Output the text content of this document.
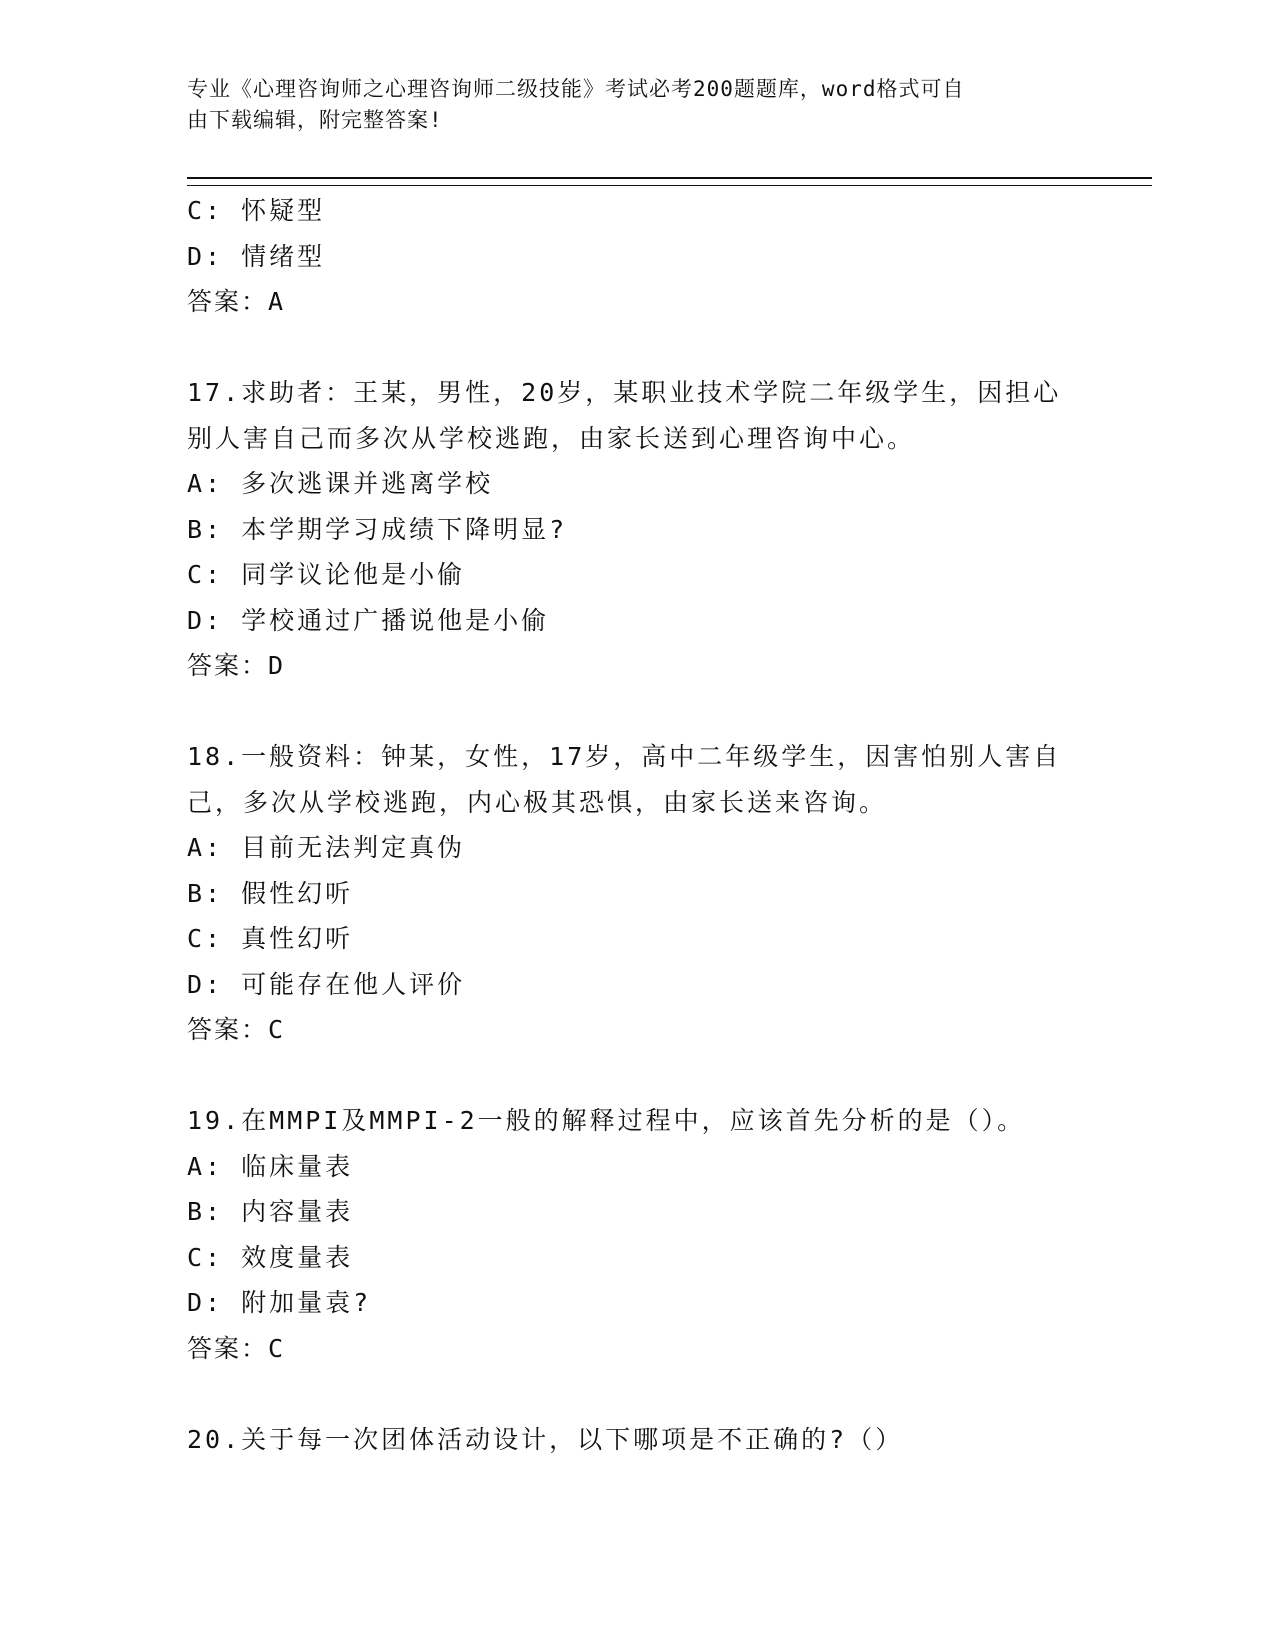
专业《心理咨询师之心理咨询师二级技能》考试必考200题题库，word格式可自
由下载编辑，附完整答案!
C: 怀疑型
D: 情绪型
答案：A
17.求助者：王某，男性，20岁，某职业技术学院二年级学生，因担心
别人害自己而多次从学校逃跑，由家长送到心理咨询中心。
A: 多次逃课并逃离学校
B: 本学期学习成绩下降明显?
C: 同学议论他是小偷
D: 学校通过广播说他是小偷
答案：D
18.一般资料：钟某，女性，17岁，高中二年级学生，因害怕别人害自
己，多次从学校逃跑，内心极其恐惧，由家长送来咨询。
A: 目前无法判定真伪
B: 假性幻听
C: 真性幻听
D: 可能存在他人评价
答案：C
19.在MMPI及MMPI-2一般的解释过程中，应该首先分析的是（）。
A: 临床量表
B: 内容量表
C: 效度量表
D: 附加量袁?
答案：C
20.关于每一次团体活动设计，以下哪项是不正确的?（）
